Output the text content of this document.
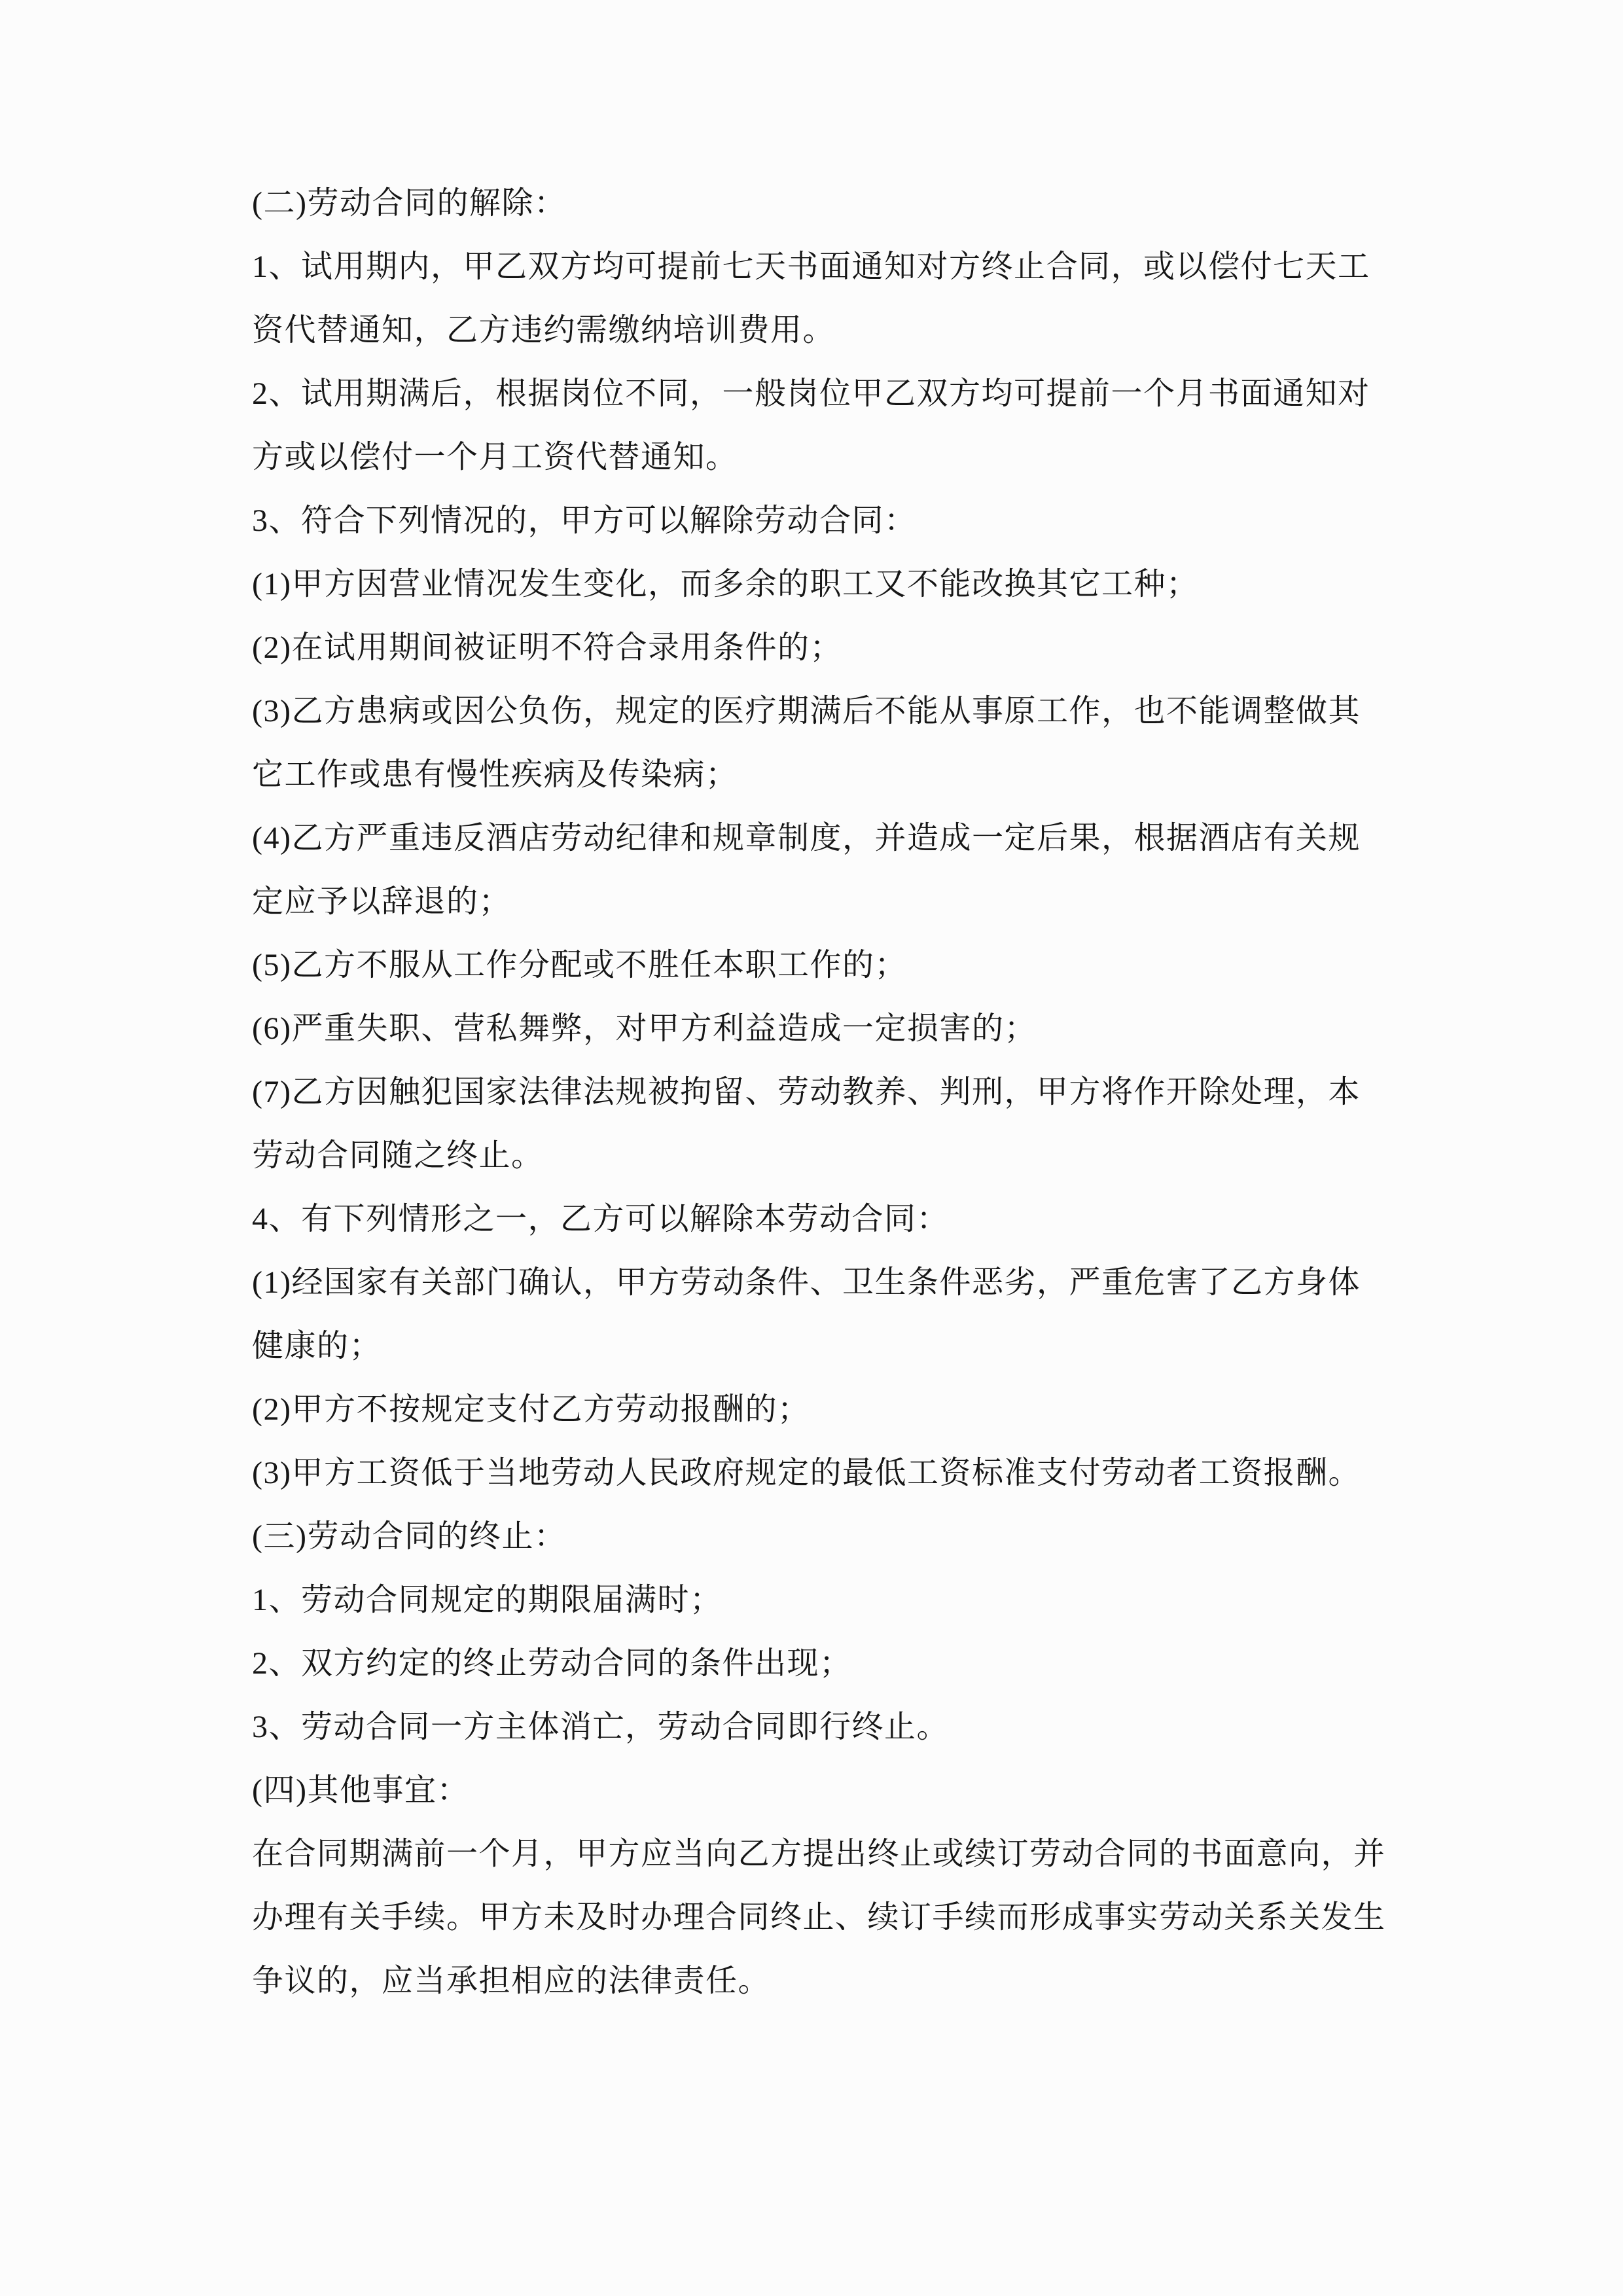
(二)劳动合同的解除：
1、试用期内，甲乙双方均可提前七天书面通知对方终止合同，或以偿付七天工
资代替通知，乙方违约需缴纳培训费用。
2、试用期满后，根据岗位不同，一般岗位甲乙双方均可提前一个月书面通知对
方或以偿付一个月工资代替通知。
3、符合下列情况的，甲方可以解除劳动合同：
(1)甲方因营业情况发生变化，而多余的职工又不能改换其它工种；
(2)在试用期间被证明不符合录用条件的；
(3)乙方患病或因公负伤，规定的医疗期满后不能从事原工作，也不能调整做其
它工作或患有慢性疾病及传染病；
(4)乙方严重违反酒店劳动纪律和规章制度，并造成一定后果，根据酒店有关规
定应予以辞退的；
(5)乙方不服从工作分配或不胜任本职工作的；
(6)严重失职、营私舞弊，对甲方利益造成一定损害的；
(7)乙方因触犯国家法律法规被拘留、劳动教养、判刑，甲方将作开除处理，本
劳动合同随之终止。
4、有下列情形之一，乙方可以解除本劳动合同：
(1)经国家有关部门确认，甲方劳动条件、卫生条件恶劣，严重危害了乙方身体
健康的；
(2)甲方不按规定支付乙方劳动报酬的；
(3)甲方工资低于当地劳动人民政府规定的最低工资标准支付劳动者工资报酬。
(三)劳动合同的终止：
1、劳动合同规定的期限届满时；
2、双方约定的终止劳动合同的条件出现；
3、劳动合同一方主体消亡，劳动合同即行终止。
(四)其他事宜：
在合同期满前一个月，甲方应当向乙方提出终止或续订劳动合同的书面意向，并
办理有关手续。甲方未及时办理合同终止、续订手续而形成事实劳动关系关发生
争议的，应当承担相应的法律责任。
